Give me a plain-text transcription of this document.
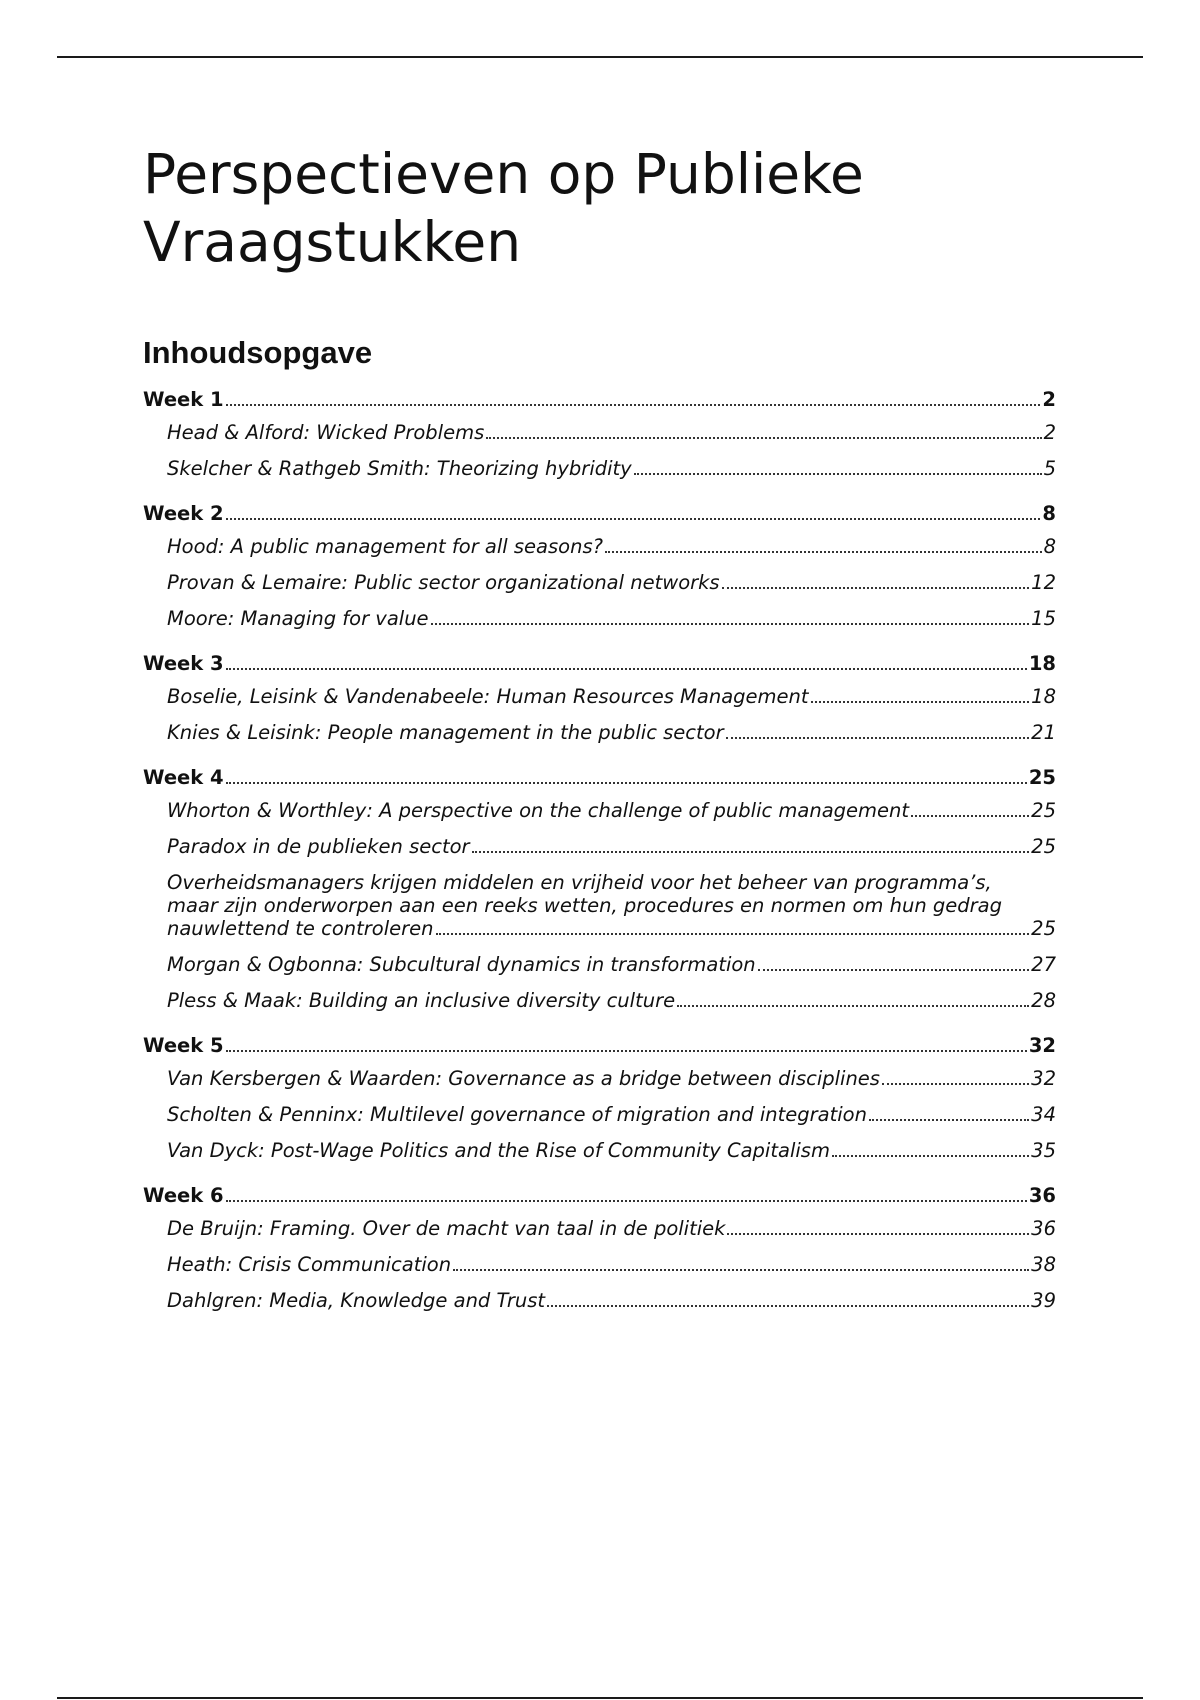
Perspectieven op Publieke Vraagstukken
Inhoudsopgave
Week 1	2
Head & Alford: Wicked Problems	2
Skelcher & Rathgeb Smith: Theorizing hybridity	5
Week 2	8
Hood: A public management for all seasons?	8
Provan & Lemaire: Public sector organizational networks	12
Moore: Managing for value	15
Week 3	18
Boselie, Leisink & Vandenabeele: Human Resources Management	18
Knies & Leisink: People management in the public sector	21
Week 4	25
Whorton & Worthley: A perspective on the challenge of public management	25
Paradox in de publieken sector	25
Overheidsmanagers krijgen middelen en vrijheid voor het beheer van programma’s,
maar zijn onderworpen aan een reeks wetten, procedures en normen om hun gedrag
nauwlettend te controleren	25
Morgan & Ogbonna: Subcultural dynamics in transformation	27
Pless & Maak: Building an inclusive diversity culture	28
Week 5	32
Van Kersbergen & Waarden: Governance as a bridge between disciplines	32
Scholten & Penninx: Multilevel governance of migration and integration	34
Van Dyck: Post-Wage Politics and the Rise of Community Capitalism	35
Week 6	36
De Bruijn: Framing. Over de macht van taal in de politiek	36
Heath: Crisis Communication	38
Dahlgren: Media, Knowledge and Trust	39
